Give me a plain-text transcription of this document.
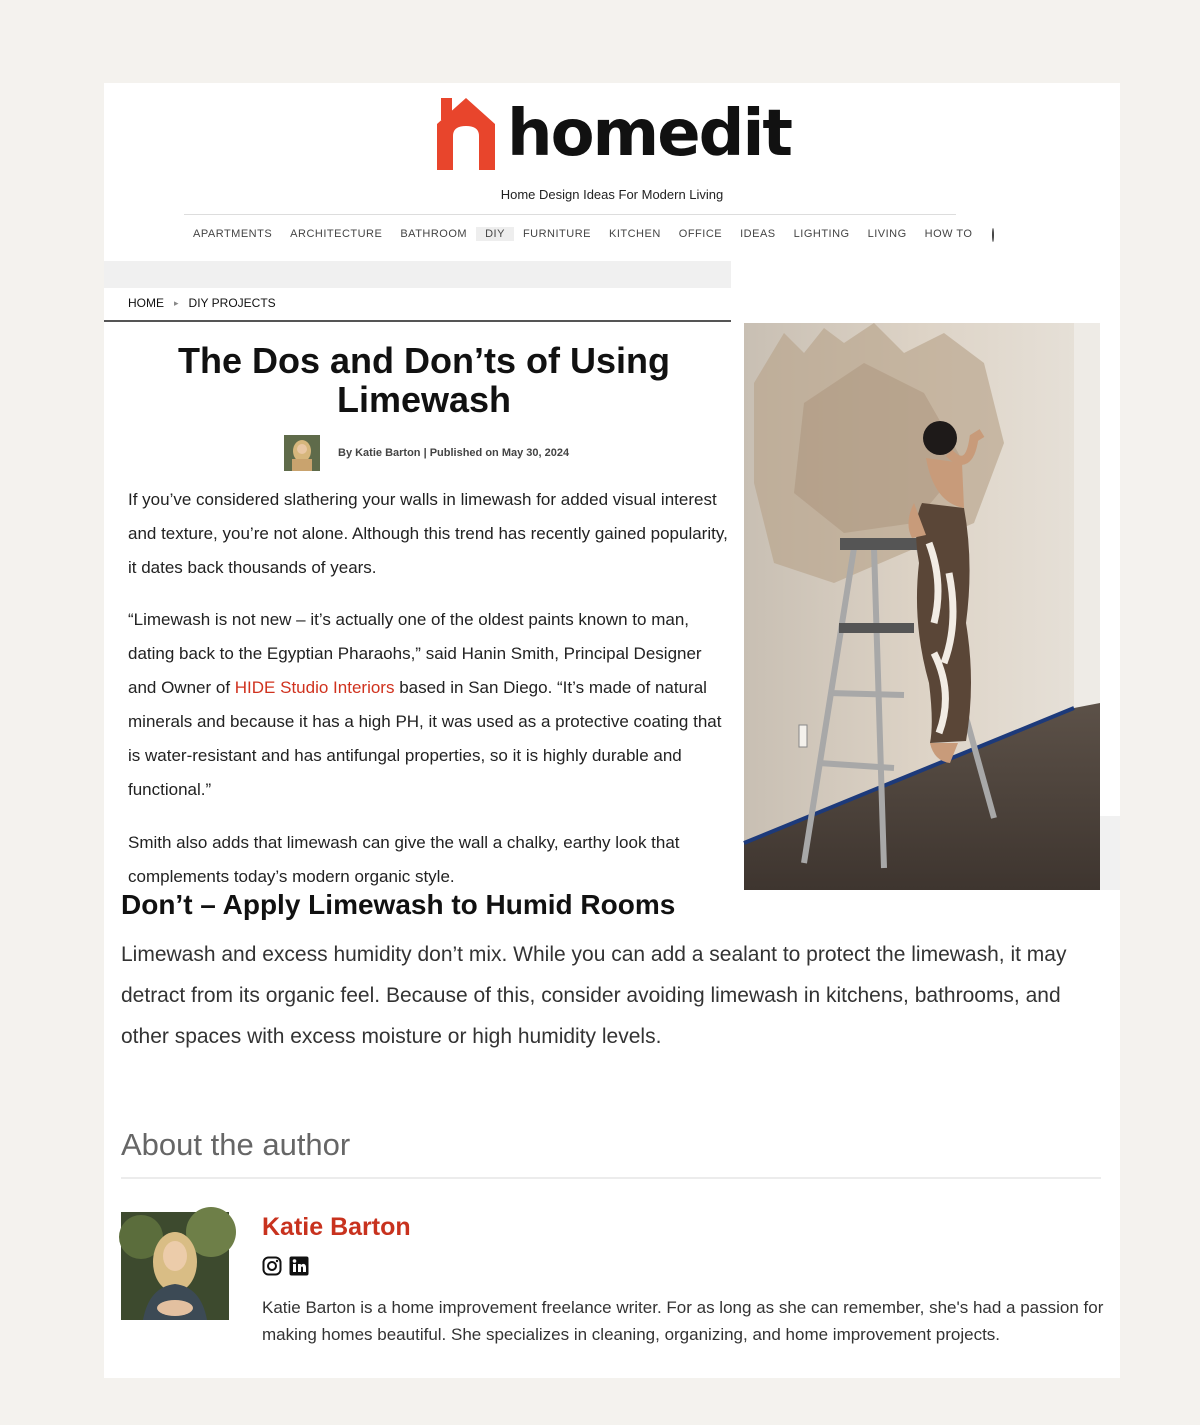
homedit
Home Design Ideas For Modern Living
APARTMENTS	ARCHITECTURE	BATHROOM	DIY	FURNITURE	KITCHEN	OFFICE	IDEAS	LIGHTING	LIVING	HOW TO
HOME ▸ DIY PROJECTS
The Dos and Don’ts of Using Limewash
By Katie Barton | Published on May 30, 2024

If you’ve considered slathering your walls in limewash for added visual interest and texture, you’re not alone. Although this trend has recently gained popularity, it dates back thousands of years.

“Limewash is not new – it’s actually one of the oldest paints known to man, dating back to the Egyptian Pharaohs,” said Hanin Smith, Principal Designer and Owner of HIDE Studio Interiors based in San Diego. “It’s made of natural minerals and because it has a high PH, it was used as a protective coating that is water-resistant and has antifungal properties, so it is highly durable and functional.”

Smith also adds that limewash can give the wall a chalky, earthy look that complements today’s modern organic style.

Don’t – Apply Limewash to Humid Rooms

Limewash and excess humidity don’t mix. While you can add a sealant to protect the limewash, it may detract from its organic feel. Because of this, consider avoiding limewash in kitchens, bathrooms, and other spaces with excess moisture or high humidity levels.

About the author
Katie Barton

Katie Barton is a home improvement freelance writer. For as long as she can remember, she's had a passion for making homes beautiful. She specializes in cleaning, organizing, and home improvement projects.
